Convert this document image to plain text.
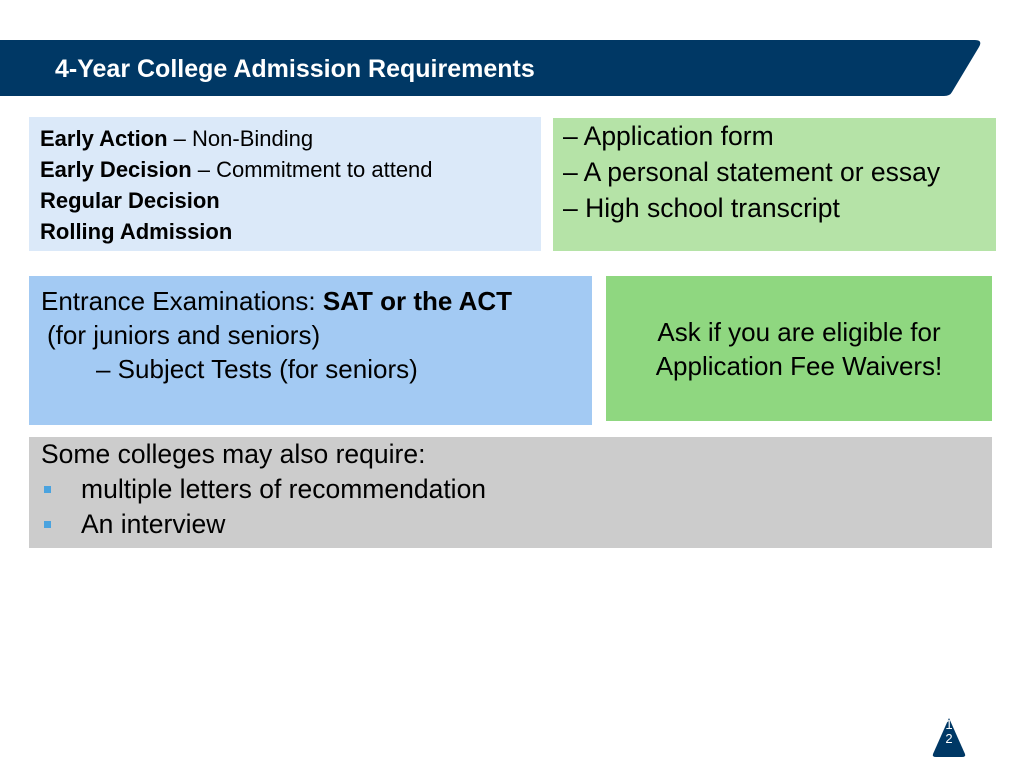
4-Year College Admission Requirements
Early Action – Non-Binding
Early Decision – Commitment to attend
Regular Decision
Rolling Admission
– Application form
– A personal statement or essay
– High school transcript
Entrance Examinations: SAT or the ACT
(for juniors and seniors)
– Subject Tests (for seniors)
Ask if you are eligible for
Application Fee Waivers!
Some colleges may also require:
multiple letters of recommendation
An interview
12
